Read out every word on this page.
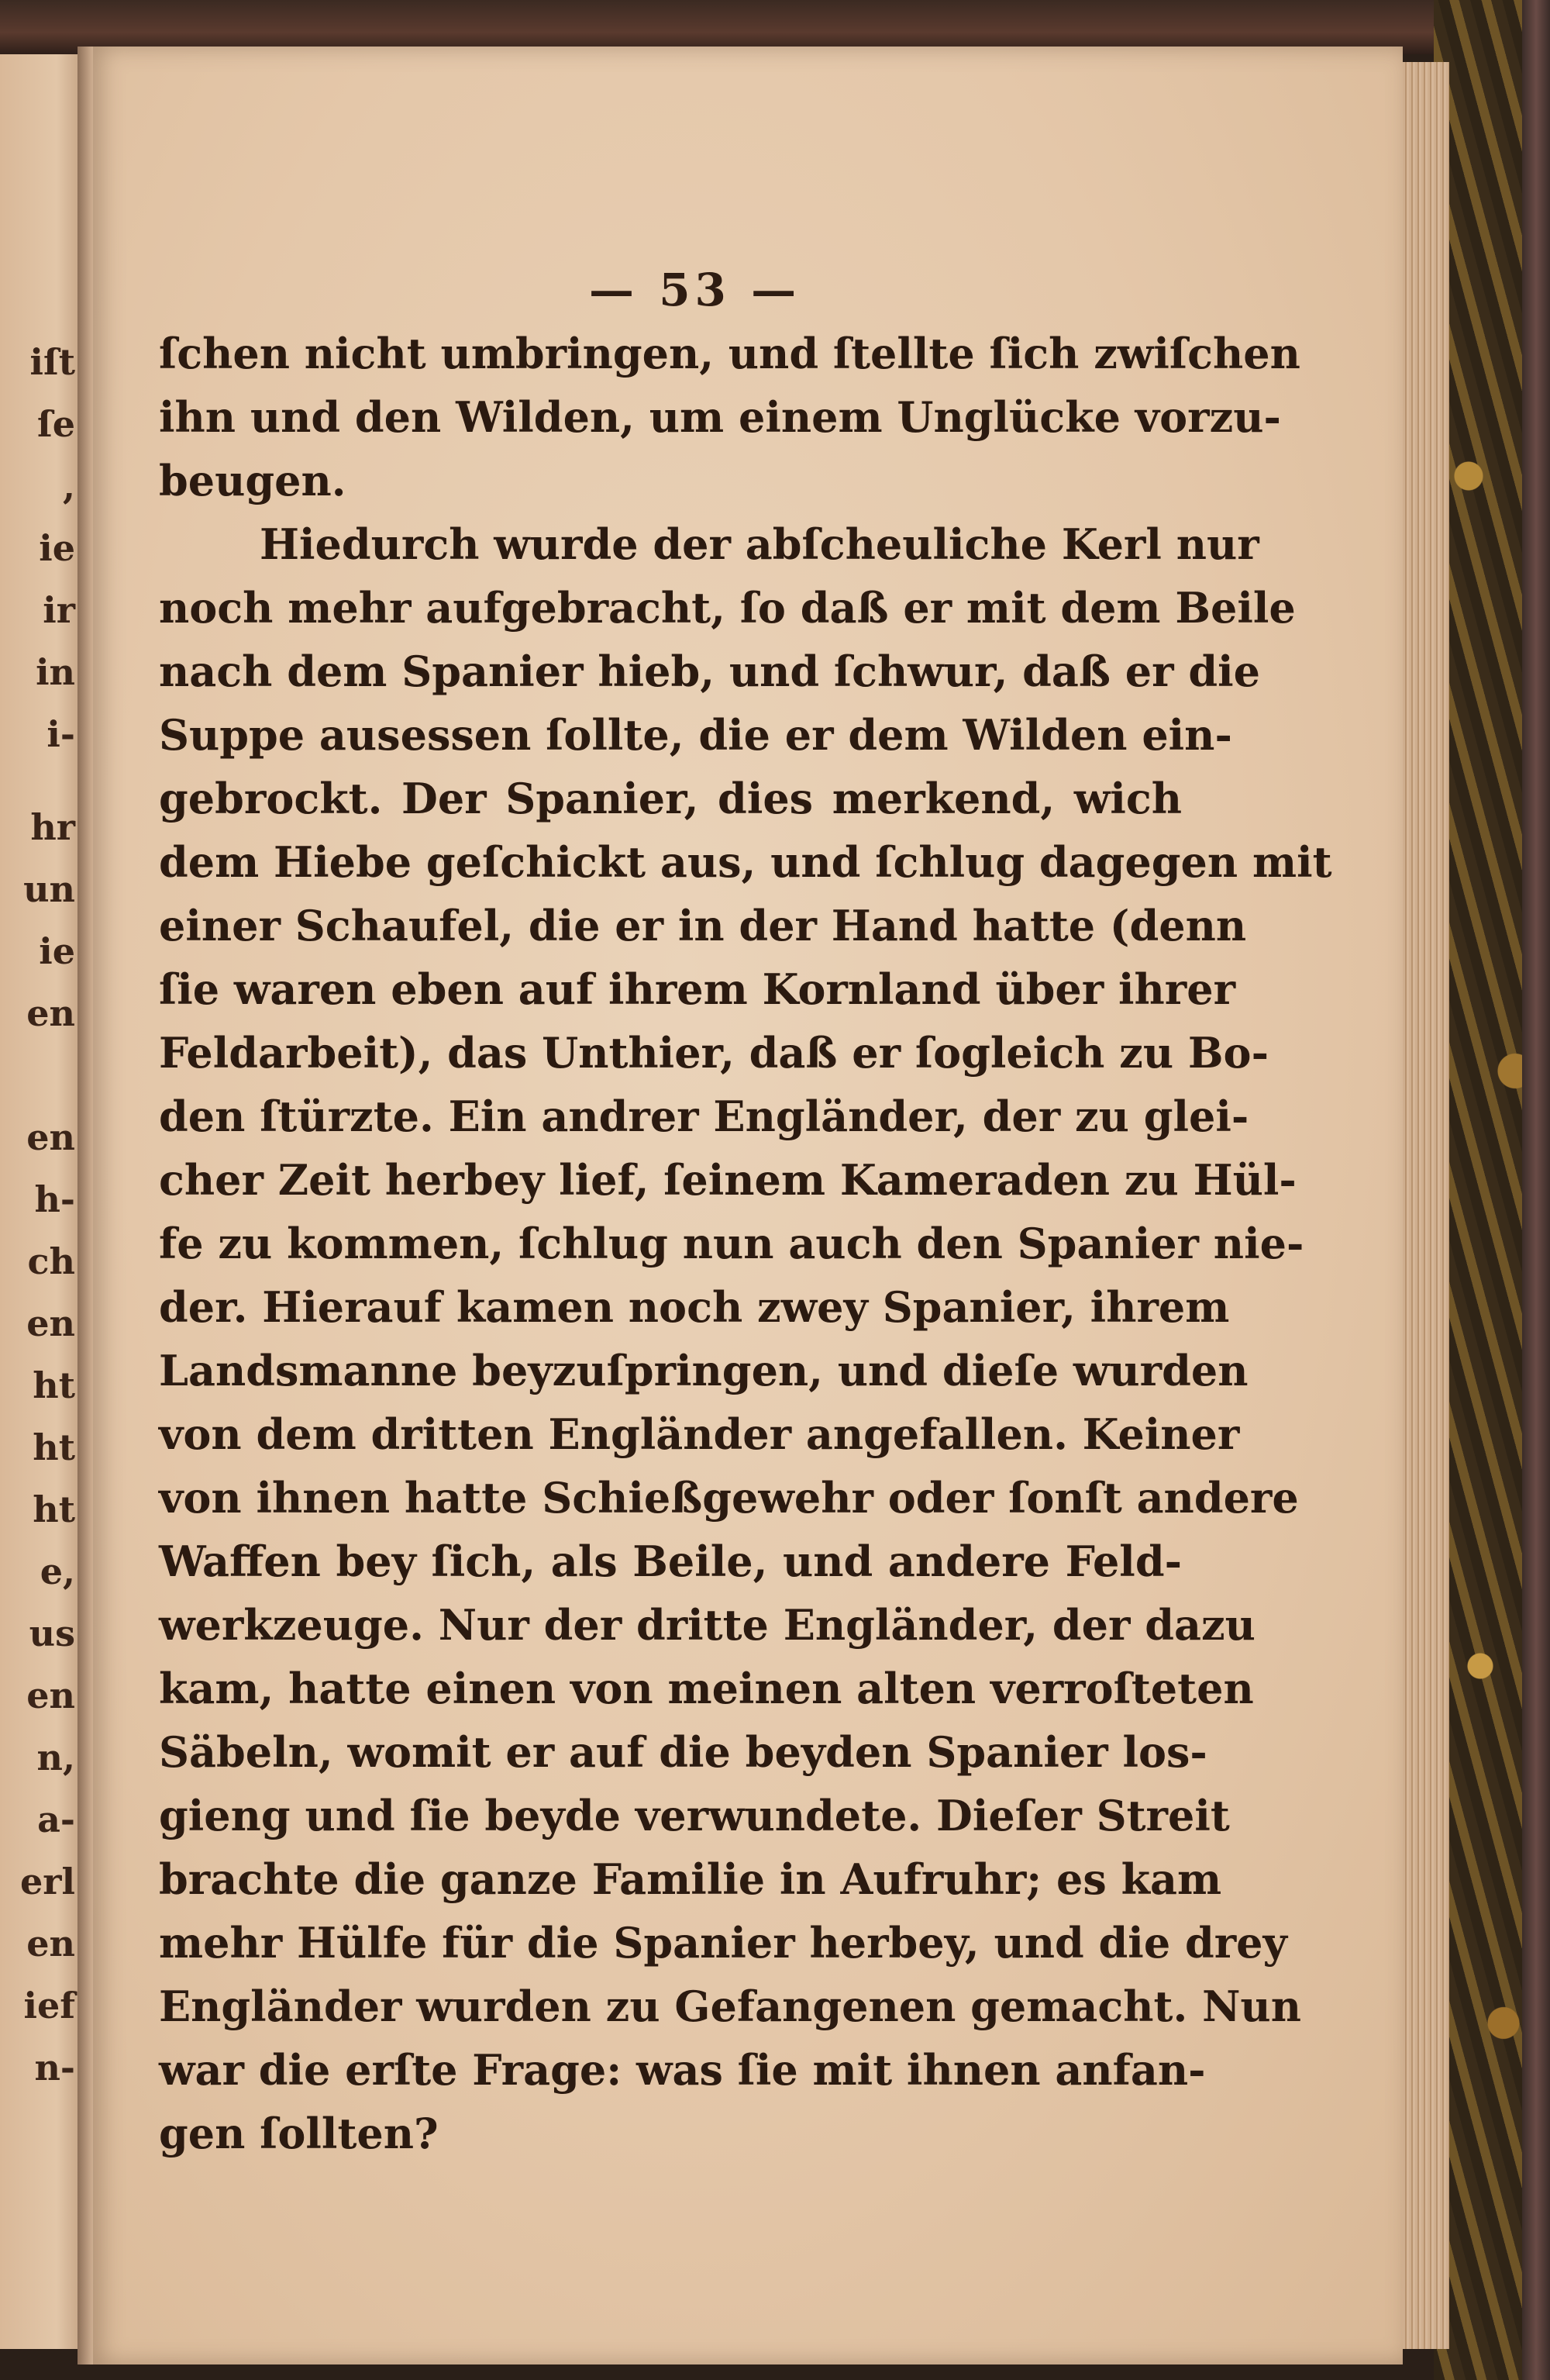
iſt
ſe
,
ie
ir
in
i-
hr
un
ie
en
en
h-
ch
en
ht
ht
ht
e,
us
en
n,
a-
erl
en
ief
n-
— 53 —
ſchen nicht umbringen, und ſtellte ſich zwiſchen
ihn und den Wilden, um einem Unglücke vorzu-
beugen.
Hiedurch wurde der abſcheuliche Kerl nur
noch mehr aufgebracht, ſo daß er mit dem Beile
nach dem Spanier hieb, und ſchwur, daß er die
Suppe ausessen ſollte, die er dem Wilden ein-
gebrockt. Der Spanier, dies merkend, wich
dem Hiebe geſchickt aus, und ſchlug dagegen mit
einer Schaufel, die er in der Hand hatte (denn
ſie waren eben auf ihrem Kornland über ihrer
Feldarbeit), das Unthier, daß er ſogleich zu Bo-
den ſtürzte. Ein andrer Engländer, der zu glei-
cher Zeit herbey lief, ſeinem Kameraden zu Hül-
fe zu kommen, ſchlug nun auch den Spanier nie-
der. Hierauf kamen noch zwey Spanier, ihrem
Landsmanne beyzuſpringen, und dieſe wurden
von dem dritten Engländer angefallen. Keiner
von ihnen hatte Schießgewehr oder ſonſt andere
Waffen bey ſich, als Beile, und andere Feld-
werkzeuge. Nur der dritte Engländer, der dazu
kam, hatte einen von meinen alten verroſteten
Säbeln, womit er auf die beyden Spanier los-
gieng und ſie beyde verwundete. Dieſer Streit
brachte die ganze Familie in Aufruhr; es kam
mehr Hülfe für die Spanier herbey, und die drey
Engländer wurden zu Gefangenen gemacht. Nun
war die erſte Frage: was ſie mit ihnen anfan-
gen ſollten?
